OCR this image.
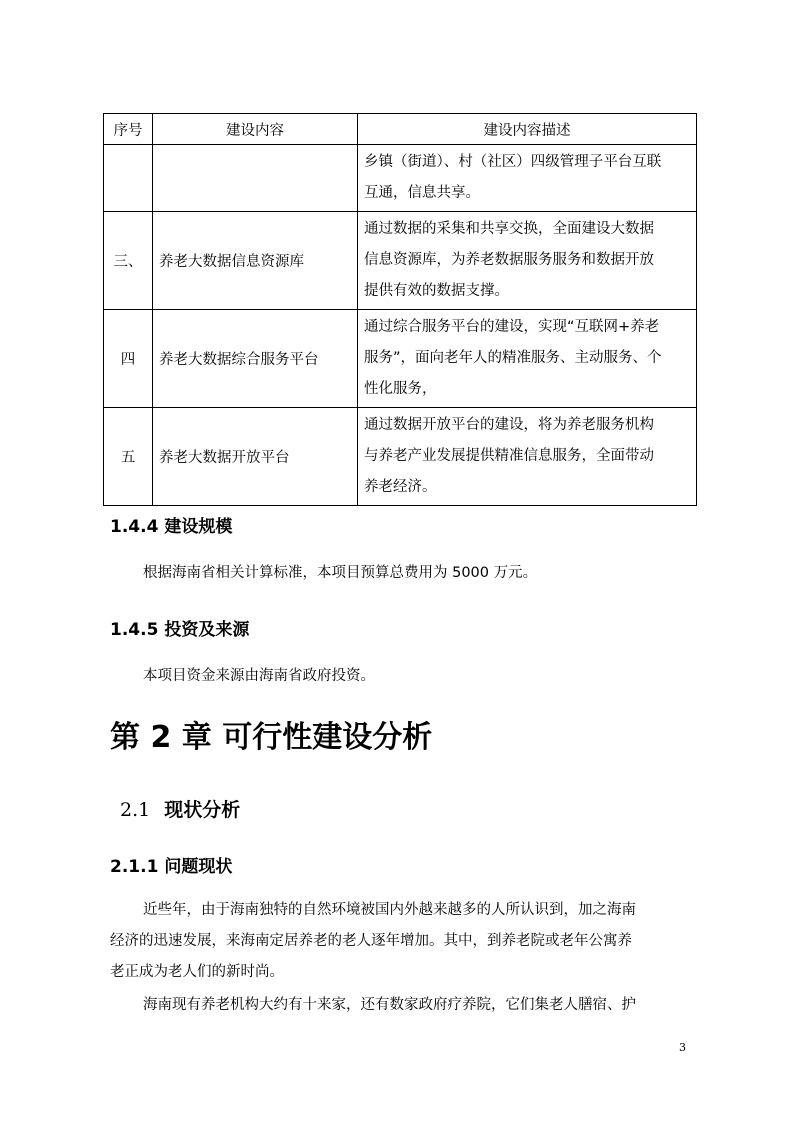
序号	建设内容	建设内容描述
		乡镇（街道）、村（社区）四级管理子平台互联
互通，信息共享。
三、	养老大数据信息资源库	通过数据的采集和共享交换，全面建设大数据
信息资源库，为养老数据服务服务和数据开放
提供有效的数据支撑。
四	养老大数据综合服务平台	通过综合服务平台的建设，实现“互联网+养老
服务”，面向老年人的精准服务、主动服务、个
性化服务，
五	养老大数据开放平台	通过数据开放平台的建设，将为养老服务机构
与养老产业发展提供精准信息服务，全面带动
养老经济。
1.4.4 建设规模
根据海南省相关计算标准，本项目预算总费用为 5000 万元。
1.4.5 投资及来源
本项目资金来源由海南省政府投资。
第 2 章 可行性建设分析
2.1 现状分析
2.1.1 问题现状
近些年，由于海南独特的自然环境被国内外越来越多的人所认识到，加之海南
经济的迅速发展，来海南定居养老的老人逐年增加。其中，到养老院或老年公寓养
老正成为老人们的新时尚。
海南现有养老机构大约有十来家，还有数家政府疗养院，它们集老人膳宿、护
3
